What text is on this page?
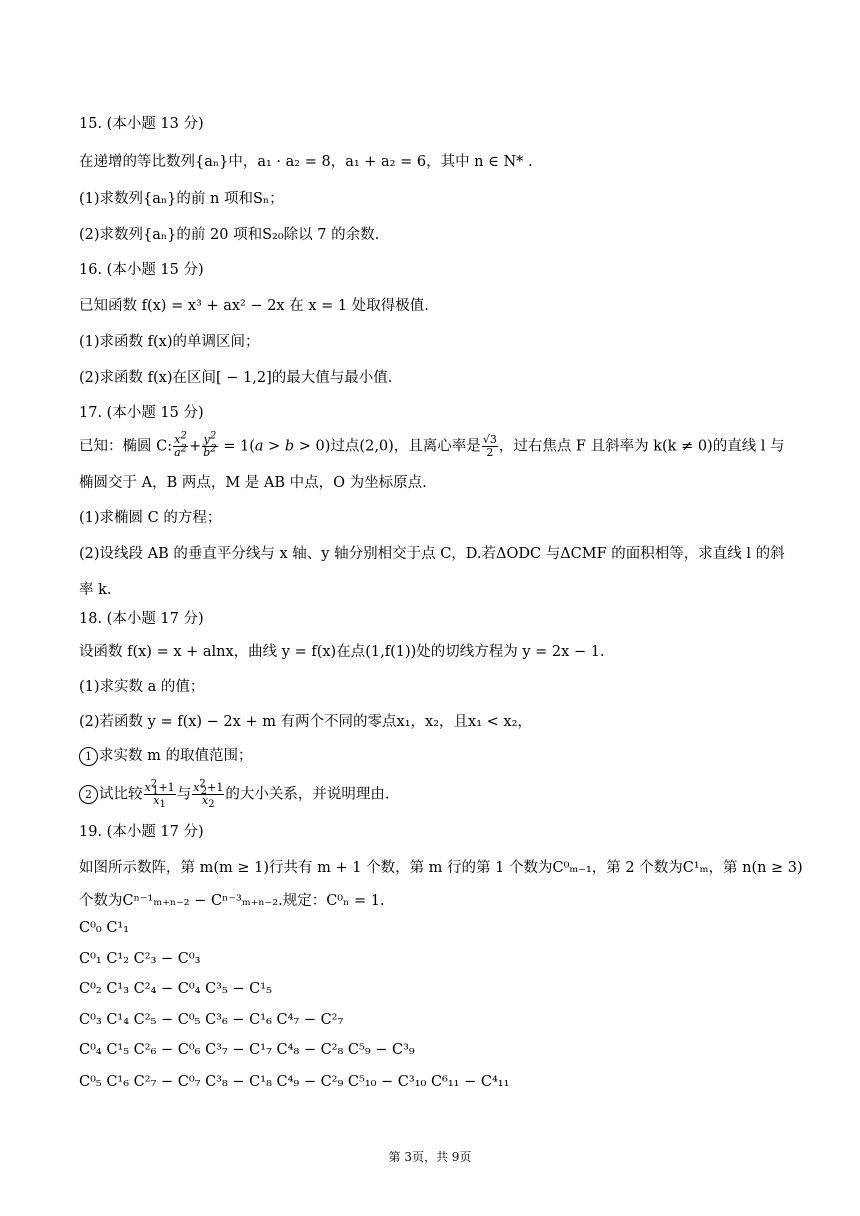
15. (本小题 13 分)
在递增的等比数列{aₙ}中，a₁ · a₂ = 8，a₁ + a₂ = 6，其中 n ∈ N* .
(1)求数列{aₙ}的前 n 项和Sₙ；
(2)求数列{aₙ}的前 20 项和S₂₀除以 7 的余数.
16. (本小题 15 分)
已知函数 f(x) = x³ + ax² − 2x 在 x = 1 处取得极值.
(1)求函数 f(x)的单调区间；
(2)求函数 f(x)在区间[ − 1,2]的最大值与最小值.
17. (本小题 15 分)
已知：椭圆 C: $\frac{x^2}{a^2} + \frac{y^2}{b^2} = 1(a > b > 0)$过点(2,0)，且离心率是 $\frac{√3}{2}$ ，过右焦点 F 且斜率为 k(k ≠ 0)的直线 l 与
椭圆交于 A，B 两点，M 是 AB 中点，O 为坐标原点.
(1)求椭圆 C 的方程；
(2)设线段 AB 的垂直平分线与 x 轴、y 轴分别相交于点 C，D.若ΔODC 与ΔCMF 的面积相等，求直线 l 的斜
率 k.
18. (本小题 17 分)
设函数 f(x) = x + alnx，曲线 y = f(x)在点(1,f(1))处的切线方程为 y = 2x − 1.
(1)求实数 a 的值；
(2)若函数 y = f(x) − 2x + m 有两个不同的零点x₁，x₂，且x₁ < x₂，
1 求实数 m 的取值范围；
2 试比较 $\frac{x^2_1+1}{x_1}$ 与 $\frac{x^2_2+1}{x_2}$ 的大小关系，并说明理由.
19. (本小题 17 分)
如图所示数阵，第 m(m ≥ 1)行共有 m + 1 个数，第 m 行的第 1 个数为C⁰ₘ₋₁，第 2 个数为C¹ₘ，第 n(n ≥ 3)
个数为Cⁿ⁻¹ₘ₊ₙ₋₂ − Cⁿ⁻³ₘ₊ₙ₋₂.规定：C⁰ₙ = 1.
C⁰₀ C¹₁
C⁰₁ C¹₂ C²₃ − C⁰₃
C⁰₂ C¹₃ C²₄ − C⁰₄ C³₅ − C¹₅
C⁰₃ C¹₄ C²₅ − C⁰₅ C³₆ − C¹₆ C⁴₇ − C²₇
C⁰₄ C¹₅ C²₆ − C⁰₆ C³₇ − C¹₇ C⁴₈ − C²₈ C⁵₉ − C³₉
C⁰₅ C¹₆ C²₇ − C⁰₇ C³₈ − C¹₈ C⁴₉ − C²₉ C⁵₁₀ − C³₁₀ C⁶₁₁ − C⁴₁₁
第 3页，共 9页
